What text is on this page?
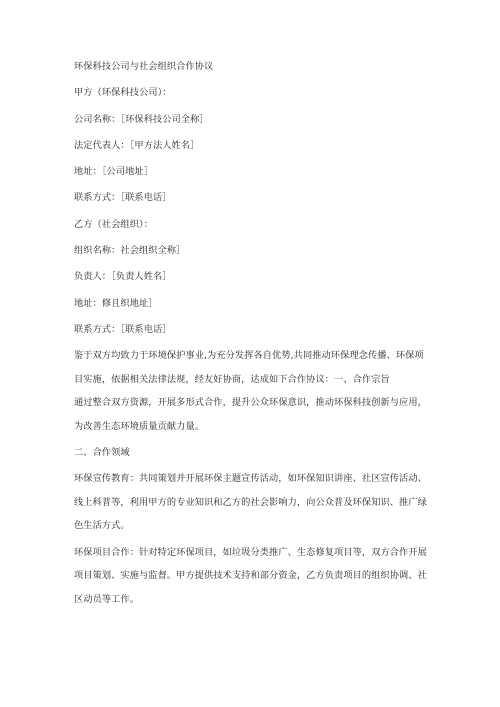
环保科技公司与社会组织合作协议

甲方（环保科技公司）：

公司名称：［环保科技公司全称］

法定代表人：［甲方法人姓名］

地址：［公司地址］

联系方式：［联系电话］

乙方（社会组织）：

组织名称：社会组织全称］

负责人：［负责人姓名］

地址：修且织地址］

联系方式：［联系电话］

鉴于双方均致力于环境保护事业,为充分发挥各自优势,共同推动环保理念传播、环保项

目实施，依据相关法律法规，经友好协商，达成如下合作协议：一、合作宗旨

通过整合双方资源，开展多形式合作，提升公众环保意识，推动环保科技创新与应用，

为改善生态环境质量贡献力量。

二、合作领域

环保宣传教育：共同策划并开展环保主题宣传活动，如环保知识讲座、社区宣传活动、

线上科普等，利用甲方的专业知识和乙方的社会影响力，向公众普及环保知识、推广绿

色生活方式。

环保项目合作：针对特定环保项目，如垃圾分类推广、生态修复项目等，双方合作开展

项目策划、实施与监督。甲方提供技术支持和部分资金，乙方负责项目的组织协调、社

区动员等工作。
